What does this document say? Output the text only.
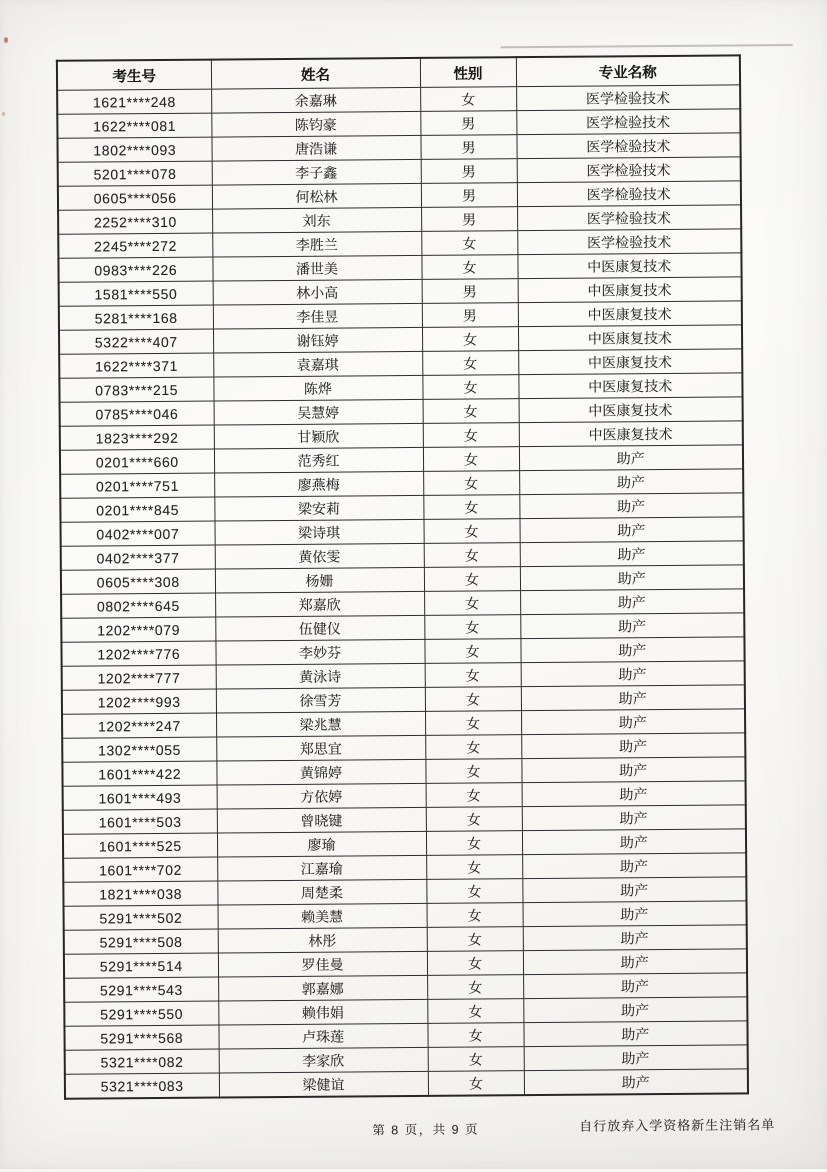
考生号	姓名	性别	专业名称
1621****248	余嘉琳	女	医学检验技术
1622****081	陈钧豪	男	医学检验技术
1802****093	唐浩谦	男	医学检验技术
5201****078	李子鑫	男	医学检验技术
0605****056	何松林	男	医学检验技术
2252****310	刘东	男	医学检验技术
2245****272	李胜兰	女	医学检验技术
0983****226	潘世美	女	中医康复技术
1581****550	林小高	男	中医康复技术
5281****168	李佳昱	男	中医康复技术
5322****407	谢钰婷	女	中医康复技术
1622****371	袁嘉琪	女	中医康复技术
0783****215	陈烨	女	中医康复技术
0785****046	吴慧婷	女	中医康复技术
1823****292	甘颖欣	女	中医康复技术
0201****660	范秀红	女	助产
0201****751	廖燕梅	女	助产
0201****845	梁安莉	女	助产
0402****007	梁诗琪	女	助产
0402****377	黄依雯	女	助产
0605****308	杨姗	女	助产
0802****645	郑嘉欣	女	助产
1202****079	伍健仪	女	助产
1202****776	李妙芬	女	助产
1202****777	黄泳诗	女	助产
1202****993	徐雪芳	女	助产
1202****247	梁兆慧	女	助产
1302****055	郑思宜	女	助产
1601****422	黄锦婷	女	助产
1601****493	方依婷	女	助产
1601****503	曾晓键	女	助产
1601****525	廖瑜	女	助产
1601****702	江嘉瑜	女	助产
1821****038	周楚柔	女	助产
5291****502	赖美慧	女	助产
5291****508	林彤	女	助产
5291****514	罗佳曼	女	助产
5291****543	郭嘉娜	女	助产
5291****550	赖伟娟	女	助产
5291****568	卢珠莲	女	助产
5321****082	李家欣	女	助产
5321****083	梁健谊	女	助产
第 8 页，共 9 页	自行放弃入学资格新生注销名单
